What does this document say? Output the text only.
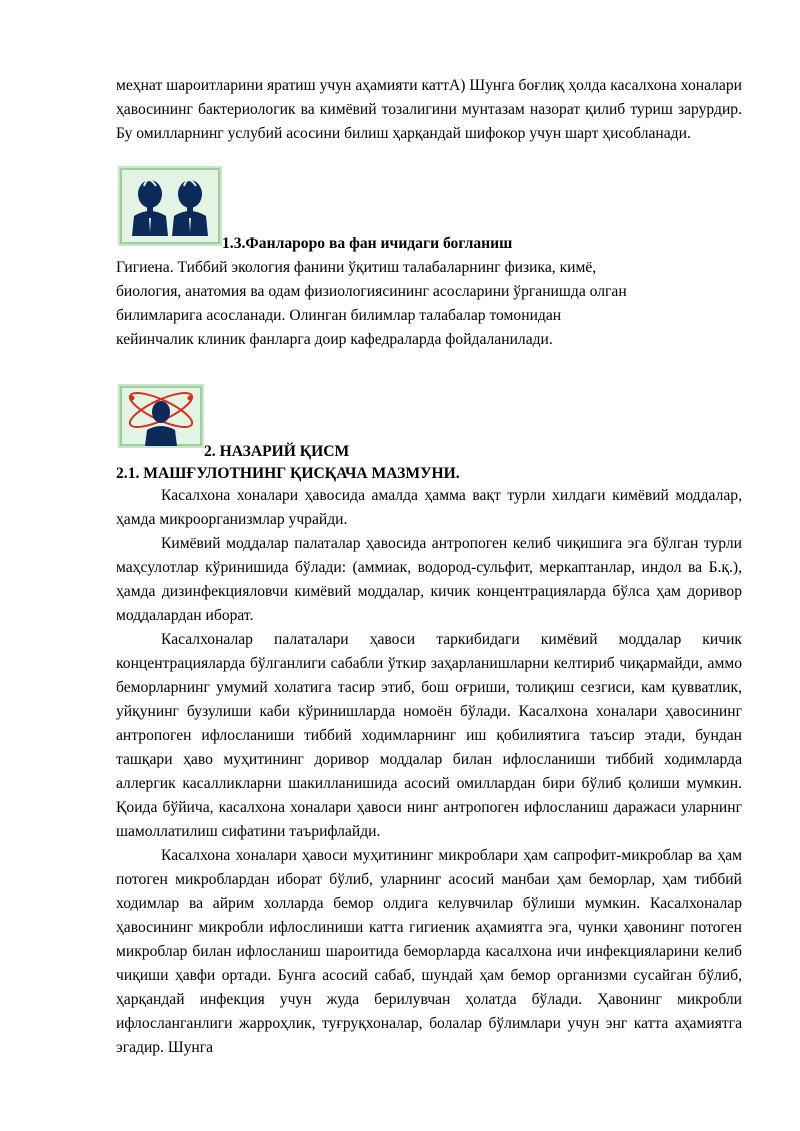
меҳнат шароитларини яратиш учун аҳамияти каттА) Шунга боғлиқ ҳолда касалхона хоналари ҳавосининг бактериологик ва кимёвий тозалигини мунтазам назорат қилиб туриш зарурдир. Бу омилларнинг услубий асосини билиш ҳарқандай шифокор учун шарт ҳисобланади.

1.3.Фанлароро ва фан ичидаги богланиш
Гигиена. Тиббий экология фанини ўқитиш талабаларнинг физика, кимё,
биология, анатомия ва одам физиологиясининг асосларини ўрганишда олган
билимларига асосланади. Олинган билимлар талабалар томонидан
кейинчалик клиник фанларга доир кафедраларда фойдаланилади.
2. НАЗАРИЙ ҚИСМ
2.1. МАШҒУЛОТНИНГ ҚИСҚАЧА МАЗМУНИ.

Касалхона хоналари ҳавосида амалда ҳамма вақт турли хилдаги кимёвий моддалар, ҳамда микроорганизмлар учрайди.

Кимёвий моддалар палаталар ҳавосида антропоген келиб чиқишига эга бўлган турли маҳсулотлар кўринишида бўлади: (аммиак, водород-сульфит, меркаптанлар, индол ва Б.қ.), ҳамда дизинфекцияловчи кимёвий моддалар, кичик концентрацияларда бўлса ҳам доривор моддалардан иборат.

Касалхоналар палаталари ҳавоси таркибидаги кимёвий моддалар кичик концентрацияларда бўлганлиги сабабли ўткир заҳарланишларни келтириб чиқармайди, аммо беморларнинг умумий холатига тасир этиб, бош оғриши, толиқиш сезгиси, кам қувватлик, уйқунинг бузулиши каби кўринишларда номоён бўлади. Касалхона хоналари ҳавосининг антропоген ифлосланиши тиббий ходимларнинг иш қобилиятига таъсир этади, бундан ташқари ҳаво муҳитининг доривор моддалар билан ифлосланиши тиббий ходимларда аллергик касалликларни шакилланишида асосий омиллардан бири бўлиб қолиши мумкин. Қоида бўйича, касалхона хоналари ҳавоси нинг антропоген ифлосланиш даражаси уларнинг шамоллатилиш сифатини таърифлайди.

Касалхона хоналари ҳавоси муҳитининг микроблари ҳам сапрофит-микроблар ва ҳам потоген микроблардан иборат бўлиб, уларнинг асосий манбаи ҳам беморлар, ҳам тиббий ходимлар ва айрим холларда бемор олдига келувчилар бўлиши мумкин. Касалхоналар ҳавосининг микробли ифлослиниши катта гигиеник аҳамиятга эга, чунки ҳавонинг потоген микроблар билан ифлосланиш шароитида беморларда касалхона ичи инфекцияларини келиб чиқиши ҳавфи ортади. Бунга асосий сабаб, шундай ҳам бемор организми сусайган бўлиб, ҳарқандай инфекция учун жуда берилувчан ҳолатда бўлади. Ҳавонинг микробли ифлосланганлиги жарроҳлик, туғруқхоналар, болалар бўлимлари учун энг катта аҳамиятга эгадир. Шунга
